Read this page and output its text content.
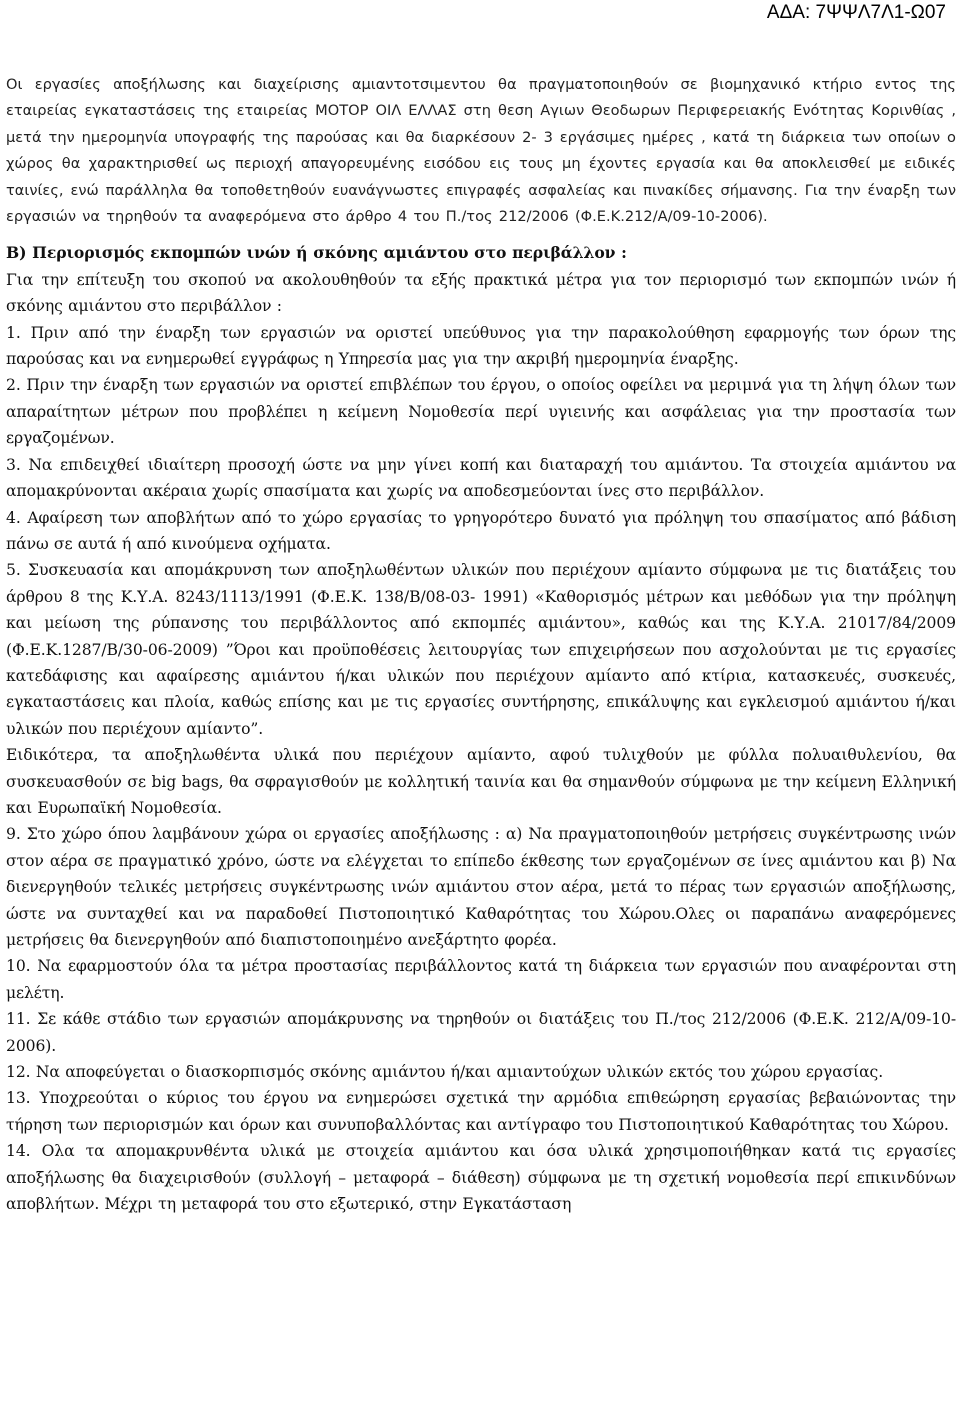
ΑΔΑ: 7ΨΨΛ7Λ1-Ω07

Οι εργασίες αποξήλωσης και διαχείρισης αμιαντοτσιμεντου θα πραγματοποιηθούν σε βιομηχανικό κτήριο εντος της εταιρείας εγκαταστάσεις της εταιρείας ΜΟΤΟΡ ΟΙΛ ΕΛΛΑΣ στη θεση Αγιων Θεοδωρων Περιφερειακής Ενότητας Κορινθίας , μετά την ημερομηνία υπογραφής της παρούσας και θα διαρκέσουν 2- 3 εργάσιμες ημέρες , κατά τη διάρκεια των οποίων ο χώρος θα χαρακτηρισθεί ως περιοχή απαγορευμένης εισόδου εις τους μη έχοντες εργασία και θα αποκλεισθεί με ειδικές ταινίες, ενώ παράλληλα θα τοποθετηθούν ευανάγνωστες επιγραφές ασφαλείας και πινακίδες σήμανσης. Για την έναρξη των εργασιών να τηρηθούν τα αναφερόμενα στο άρθρο 4 του Π./τος 212/2006 (Φ.Ε.Κ.212/Α/09-10-2006).

Β) Περιορισμός εκπομπών ινών ή σκόνης αμιάντου στο περιβάλλον :

Για την επίτευξη του σκοπού να ακολουθηθούν τα εξής πρακτικά μέτρα για τον περιορισμό των εκπομπών ινών ή σκόνης αμιάντου στο περιβάλλον :

1. Πριν από την έναρξη των εργασιών να οριστεί υπεύθυνος για την παρακολούθηση εφαρμογής των όρων της παρούσας και να ενημερωθεί εγγράφως η Υπηρεσία μας για την ακριβή ημερομηνία έναρξης.

2. Πριν την έναρξη των εργασιών να οριστεί επιβλέπων του έργου, ο οποίος οφείλει να μεριμνά για τη λήψη όλων των απαραίτητων μέτρων που προβλέπει η κείμενη Νομοθεσία περί υγιεινής και ασφάλειας για την προστασία των εργαζομένων.

3. Να επιδειχθεί ιδιαίτερη προσοχή ώστε να μην γίνει κοπή και διαταραχή του αμιάντου. Τα στοιχεία αμιάντου να απομακρύνονται ακέραια χωρίς σπασίματα και χωρίς να αποδεσμεύονται ίνες στο περιβάλλον.

4. Αφαίρεση των αποβλήτων από το χώρο εργασίας το γρηγορότερο δυνατό για πρόληψη του σπασίματος από βάδιση πάνω σε αυτά ή από κινούμενα οχήματα.

5. Συσκευασία και απομάκρυνση των αποξηλωθέντων υλικών που περιέχουν αμίαντο σύμφωνα με τις διατάξεις του άρθρου 8 της Κ.Υ.Α. 8243/1113/1991 (Φ.Ε.Κ. 138/Β/08-03- 1991) «Καθορισμός μέτρων και μεθόδων για την πρόληψη και μείωση της ρύπανσης του περιβάλλοντος από εκπομπές αμιάντου», καθώς και της Κ.Υ.Α. 21017/84/2009 (Φ.Ε.Κ.1287/Β/30-06-2009) ”Όροι και προϋποθέσεις λειτουργίας των επιχειρήσεων που ασχολούνται με τις εργασίες κατεδάφισης και αφαίρεσης αμιάντου ή/και υλικών που περιέχουν αμίαντο από κτίρια, κατασκευές, συσκευές, εγκαταστάσεις και πλοία, καθώς επίσης και με τις εργασίες συντήρησης, επικάλυψης και εγκλεισμού αμιάντου ή/και υλικών που περιέχουν αμίαντο”.

Ειδικότερα, τα αποξηλωθέντα υλικά που περιέχουν αμίαντο, αφού τυλιχθούν με φύλλα πολυαιθυλενίου, θα συσκευασθούν σε big bags, θα σφραγισθούν με κολλητική ταινία και θα σημανθούν σύμφωνα με την κείμενη Ελληνική και Ευρωπαϊκή Νομοθεσία.

9. Στο χώρο όπου λαμβάνουν χώρα οι εργασίες αποξήλωσης : α) Να πραγματοποιηθούν μετρήσεις συγκέντρωσης ινών στον αέρα σε πραγματικό χρόνο, ώστε να ελέγχεται το επίπεδο έκθεσης των εργαζομένων σε ίνες αμιάντου και β) Να διενεργηθούν τελικές μετρήσεις συγκέντρωσης ινών αμιάντου στον αέρα, μετά το πέρας των εργασιών αποξήλωσης, ώστε να συνταχθεί και να παραδοθεί Πιστοποιητικό Καθαρότητας του Χώρου.Ολες οι παραπάνω αναφερόμενες μετρήσεις θα διενεργηθούν από διαπιστοποιημένο ανεξάρτητο φορέα.

10. Να εφαρμοστούν όλα τα μέτρα προστασίας περιβάλλοντος κατά τη διάρκεια των εργασιών που αναφέρονται στη μελέτη.

11. Σε κάθε στάδιο των εργασιών απομάκρυνσης να τηρηθούν οι διατάξεις του Π./τος 212/2006 (Φ.Ε.Κ. 212/Α/09-10-2006).

12. Να αποφεύγεται ο διασκορπισμός σκόνης αμιάντου ή/και αμιαντούχων υλικών εκτός του χώρου εργασίας.

13. Υποχρεούται ο κύριος του έργου να ενημερώσει σχετικά την αρμόδια επιθεώρηση εργασίας βεβαιώνοντας την τήρηση των περιορισμών και όρων και συνυποβαλλόντας και αντίγραφο του Πιστοποιητικού Καθαρότητας του Χώρου.

14. Ολα τα απομακρυνθέντα υλικά με στοιχεία αμιάντου και όσα υλικά χρησιμοποιήθηκαν κατά τις εργασίες αποξήλωσης θα διαχειρισθούν (συλλογή – μεταφορά – διάθεση) σύμφωνα με τη σχετική νομοθεσία περί επικινδύνων αποβλήτων. Μέχρι τη μεταφορά του στο εξωτερικό, στην Εγκατάσταση
